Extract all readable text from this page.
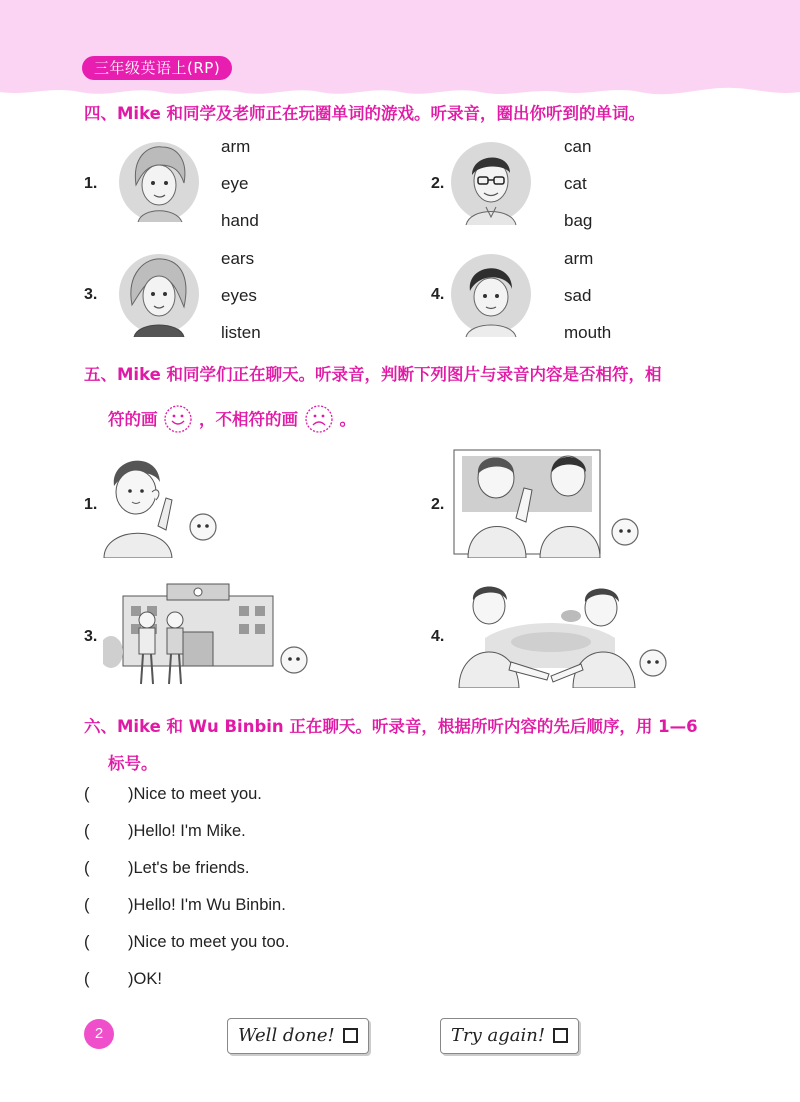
三年级英语上(RP)
四、Mike 和同学及老师正在玩圈单词的游戏。听录音，圈出你听到的单词。
1.
arm
eye
hand
2.
can
cat
bag
3.
ears
eyes
listen
4.
arm
sad
mouth
五、Mike 和同学们正在聊天。听录音，判断下列图片与录音内容是否相符，相
符的画	，不相符的画	。
1.	2.
3.	4.
六、Mike 和 Wu Binbin 正在聊天。听录音，根据所听内容的先后顺序，用 1—6
标号。
( )Nice to meet you.
( )Hello! I'm Mike.
( )Let's be friends.
( )Hello! I'm Wu Binbin.
( )Nice to meet you too.
( )OK!
2	Well done!	Try again!
